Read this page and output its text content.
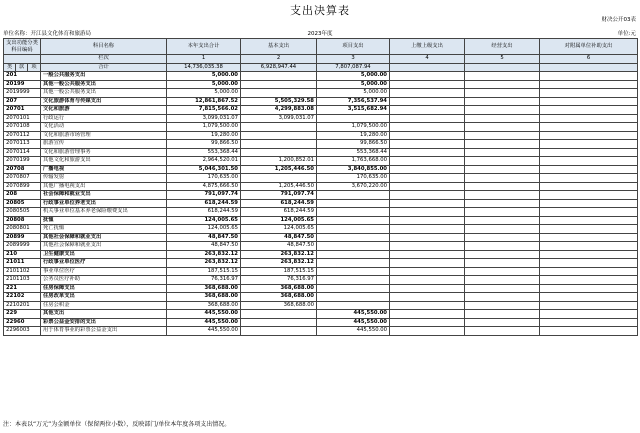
支出决算表
财决公开03表
单位名称：开江县文化体育和旅游局	2023年度	单位:元
支出功能分类科目编码			科目名称	本年支出合计	基本支出	项目支出	上缴上级支出	经营支出	对附属单位补助支出

			栏次	1	2	3	4	5	6
类	款	项	合计	14,736,035.38	6,928,947.44	7,807,087.94			
201			一般公共服务支出	5,000.00		5,000.00			
20199			其他一般公共服务支出	5,000.00		5,000.00			
2019999			其他一般公共服务支出	5,000.00		5,000.00			
207			文化旅游体育与传媒支出	12,861,867.52	5,505,329.58	7,356,537.94			
20701			文化和旅游	7,815,566.02	4,299,883.08	3,515,682.94			
2070101			行政运行	3,099,031.07	3,099,031.07				
2070108			文化活动	1,079,500.00		1,079,500.00			
2070112			文化和旅游市场管理	19,280.00		19,280.00			
2070113			旅游宣传	99,866.50		99,866.50			
2070114			文化和旅游管理事务	553,368.44		553,368.44			
2070199			其他文化和旅游支出	2,964,520.01	1,200,852.01	1,763,668.00			
20708			广播电视	5,046,301.50	1,205,446.50	3,840,855.00			
2070807			传输发射	170,635.00		170,635.00			
2070899			其他广播电视支出	4,875,666.50	1,205,446.50	3,670,220.00			
208			社会保障和就业支出	791,097.74	791,097.74				
20805			行政事业单位养老支出	618,244.59	618,244.59				
2080505			机关事业单位基本养老保险缴费支出	618,244.59	618,244.59				
20808			抚恤	124,005.65	124,005.65				
2080801			死亡抚恤	124,005.65	124,005.65				
20899			其他社会保障和就业支出	48,847.50	48,847.50				
2089999			其他社会保障和就业支出	48,847.50	48,847.50				
210			卫生健康支出	263,832.12	263,832.12				
21011			行政事业单位医疗	263,832.12	263,832.12				
2101102			事业单位医疗	187,515.15	187,515.15				
2101103			公务员医疗补助	76,316.97	76,316.97				
221			住房保障支出	368,688.00	368,688.00				
22102			住房改革支出	368,688.00	368,688.00				
2210201			住房公积金	368,688.00	368,688.00				
229			其他支出	445,550.00		445,550.00			
22960			彩票公益金安排的支出	445,550.00		445,550.00			
2296003			用于体育事业的彩票公益金支出	445,550.00		445,550.00			
注：本表以“万元”为金额单位（保留两位小数），反映部门/单位本年度各项支出情况。
